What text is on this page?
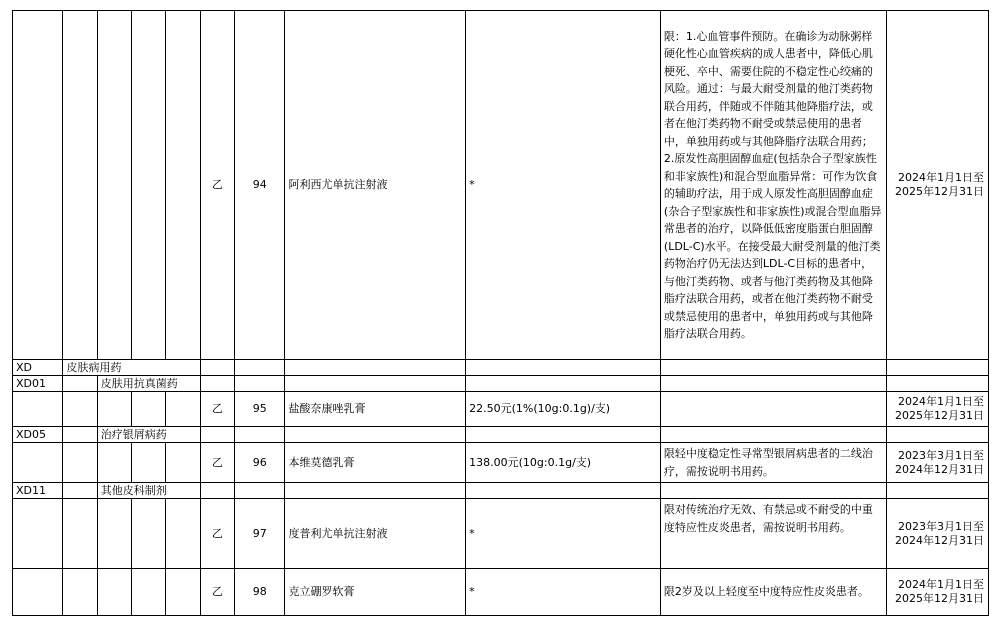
					乙	94	阿利西尤单抗注射液	*	限：1.心血管事件预防。在确诊为动脉粥样硬化性心血管疾病的成人患者中，降低心肌梗死、卒中、需要住院的不稳定性心绞痛的风险。通过：与最大耐受剂量的他汀类药物联合用药，伴随或不伴随其他降脂疗法，或者在他汀类药物不耐受或禁忌使用的患者中，单独用药或与其他降脂疗法联合用药；2.原发性高胆固醇血症(包括杂合子型家族性和非家族性)和混合型血脂异常：可作为饮食的辅助疗法，用于成人原发性高胆固醇血症(杂合子型家族性和非家族性)或混合型血脂异常患者的治疗，以降低低密度脂蛋白胆固醇(LDL-C)水平。在接受最大耐受剂量的他汀类药物治疗仍无法达到LDL-C目标的患者中，与他汀类药物、或者与他汀类药物及其他降脂疗法联合用药，或者在他汀类药物不耐受或禁忌使用的患者中，单独用药或与其他降脂疗法联合用药。	2024年1月1日至
2025年12月31日
XD	皮肤病用药									
XD01		皮肤用抗真菌药								
					乙	95	盐酸奈康唑乳膏	22.50元(1%(10g:0.1g)/支)		2024年1月1日至
2025年12月31日
XD05		治疗银屑病药								
					乙	96	本维莫德乳膏	138.00元(10g:0.1g/支)	限轻中度稳定性寻常型银屑病患者的二线治疗，需按说明书用药。	2023年3月1日至
2024年12月31日
XD11		其他皮科制剂								
					乙	97	度普利尤单抗注射液	*	限对传统治疗无效、有禁忌或不耐受的中重度特应性皮炎患者，需按说明书用药。	2023年3月1日至
2024年12月31日
					乙	98	克立硼罗软膏	*	限2岁及以上轻度至中度特应性皮炎患者。	2024年1月1日至
2025年12月31日
